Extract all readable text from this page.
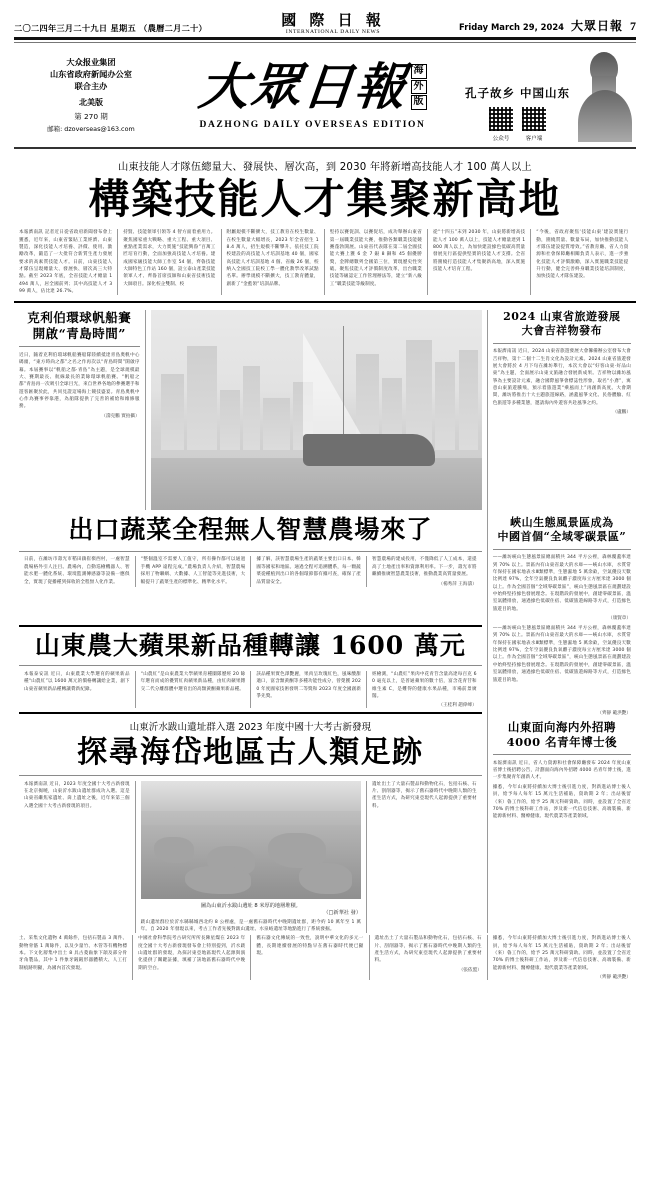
二〇二四年三月二十九日 星期五 （農曆二月二十）	國 際 日 報
INTERNATIONAL DAILY NEWS
Friday March 29, 2024 大眾日報 7
大众报业集团
山东省政府新闻办公室
联合主办
北美版
第 270 期
邮箱: dzoverseas@163.com
大眾日報 海
外
版
DAZHONG DAILY OVERSEAS EDITION
孔子故乡 中国山东
公众号	客户端
山東技能人才隊伍總量大、發展快、層次高，到 2030 年將新增高技能人才 100 萬人以上
構築技能人才集聚新高地
本報濟南訊 記者近日從省政府新聞發布會上獲悉，近年來，山東省緊貼工業經濟、山東製造，深化技能人才培養、評價、使用、激勵改革，鍛造了一大批符合新質生產力發展要求的高素質技能人才。日前，山東技能人才隊伍呈現總量大、發展快、層次高三大特點。截至 2023 年底，全省技能人才總量 1494 萬人，居全國前列；其中高技能人才 399 萬人，佔比達 26.7%。
持賢、技能領軍引領等 4 智方面着重用力。聚焦國家重大戰略、重大工程、重大項目、重點產業需求，大力實施“技能興魯”百萬工匠培育行動，全面加強高技能人才培養。建成國家級技能大師工作室 54 個，齊魯技能大師特色工作站 160 個，設立泰山產業技能領軍人才、齊魯首席技師和山東省技術技能大師項目。深化校企雙制、校
附屬規模不斷擴大，技工教育在校生數量、在校生數量大幅增長，2023 年全省招生 18.4 萬人，招生規模不斷攀升。依托技工院校建設的高技能人才培訓基地 40 個，國家高技能人才培訓基地 4 個、省級 26 個，校納入全國技工院校工學一體化教學改革試點名單。辦學規模不斷擴大，技工教育體量，創新了“金藍領”培訓品牌。
堅持以賽促訓、以賽促培，成功舉辦山東省第一屆職業技能大賽，推動各類職業技能競賽蓬勃開展。山東省代表隊在第二屆全國技能大賽上獲 6 金 7 銀 8 銅和 45 個優勝獎，金牌總數列全國第三位，實現歷史性突破。聚焦技能人才評價制度改革，出台職業技能等級認定工作管理辦法等，建立“新八級工”職業技能等級制度。
從“十四五”末到 2030 年，山東將新增高技能人才 100 萬人以上，技能人才總量達到 1800 萬人以上，為加快建設綠色低碳高質量發展先行區提供堅實的技能人才支撐。全省將圍繞打造技能人才集聚新高地，深入實施技能人才培育工程。
“今後，省政府聚焦‘技能山東’建設實施行動，圍繞質量、數量布局，加快推動技能人才隊伍建設提質增效。”省教育廳、省人力資源和社會保障廳相關負責人表示，進一步強化技能人才評價激勵，深入實施職業技能提升行動，健全完善終身職業技能培訓制度，加快技能人才隊伍建設。
克利伯環球帆船賽
開啟“青島時間”
近日，隨着克利伯環球帆船賽船隊陸續抵達青島奧帆中心碼頭，“東方時尚之都”之名之作再次以“青島時間”開啟序幕。本屆賽事以“帆船之都·青島”為主題，是全球規模最大、賽期最長、航線最長的業餘環球帆船賽。“帆船之都”青島再一次吸引全球目光，來自世界各地的參賽選手和遊客匯聚於此，共同見證這場海上競技盛宴。青島奧帆中心作為賽事停靠港，為船隊提供了完善的補給和維修服務。
（濤克鵬 實拍攝）
2024 山東省旅遊發展
大會吉祥物發布
本報濟南訊 近日，2024 山東省旅遊發展大會籌備辦公室發布大會吉祥物，第十二個十二生肖文化為設計元素。2024 山東省旅遊發展大會將於 4 月下旬在濰坊舉行，本次大會以“好客山東·好品山東”為主題，全面展示山東文旅融合發展新成果。吉祥物以濰坊風箏為主要設計元素，融合國際風箏會標誌性形象，取名“小鳶”，寓意山東旅遊騰飛，預示着旅遊業“乘風而上”再創新高度。大會期間，濰坊將推出十大主題旅遊線路，涵蓋風箏文化、民俗體驗、紅色旅遊等多種業態，邀請海內外遊客共赴風箏之約。
（盧鵬）
出口蔬菜全程無人智慧農場來了
日前，在濰坊市壽光市稻田鎮崔嶺西村，一處智慧農場格外引人注目。農場內，自動巡檢機器人、智能水肥一體化系統、環境監測傳感器等設備一應俱全，實現了從播種到採收的全程無人化作業。
“整個溫室不需要人工值守，所有操作都可以通過手機 APP 遠程完成。”農場負責人介紹，智慧農場採用了物聯網、大數據、人工智能等先進技術，大幅提升了蔬菜生產的標準化、精準化水平。
據了解，該智慧農場生產的蔬菜主要出口日本、韓國等國家和地區。通過全程可追溯體系，每一顆蔬菜從種植到出口的各個環節都有據可查，確保了產品質量安全。
智慧農場的建成投用，不僅降低了人工成本，還提高了土地產出率和資源利用率。下一步，壽光市將繼續推廣智慧農業技術，推動農業高質量發展。
（楊秀萍 王海濤）
峽山生態風景區成為
中國首個“全域零碳景區”
——濰坊峽山生態風景區總面積共 344 平方公裡，森林覆蓋率達到 70% 以上。景區內有山東省最大的水庫——峽山水庫，水質常年保持在國家地表水Ⅲ類標準，生態濕地 5 萬余畝，空氣優良天數比例達 97%，全年空氣優良負氧離子濃度每立方厘米達 3000 個以上。作為全國首個“全域零碳景區”，峽山生態風景區在規劃建設中始終堅持綠色發展理念。在現階段的發展中，創建零碳景區，溫室氣體排放，通過綠色低碳住宿、低碳旅遊線路等方式，打造綠色旅遊目的地。
（康賢章）
山東農大蘋果新品種轉讓 1600 萬元
本報泰安訊 近日，山東農業大學選育的蘋果新品種“山農紅”以 1600 萬元的價格轉讓給企業，創下山東省蘋果新品種轉讓費新紀錄。
“山農紅”是山東農業大學蘋果育種團隊歷經 20 餘年選育而成的優質紅肉蘋果新品種，由紅肉蘋果雜交二代分離群體中選育出的高類黃酮蘋果新品種。
該品種果實色澤艷麗，果肉呈玫瑰紅色，風味酸甜適口，富含類黃酮等多種功能性成分，曾榮獲 2020 年度國家技術發明二等獎和 2023 年度全國創新爭先獎。
經檢測，“山農紅”果肉中花青苷含量高達每百克 60 毫克以上，是普通蘋果的數十倍，富含花青苷和維生素 C，是難得的健康水果品種，市場前景廣闊。
（王桂利 趙偉峰）
——濰坊峽山生態風景區總面積共 344 平方公裡，森林覆蓋率達到 70% 以上。景區內有山東省最大的水庫——峽山水庫，水質常年保持在國家地表水Ⅲ類標準，生態濕地 5 萬余畝，空氣優良天數比例達 97%，全年空氣優良負氧離子濃度每立方厘米達 3000 個以上。作為全國首個“全域零碳景區”，峽山生態風景區在規劃建設中始終堅持綠色發展理念。在現階段的發展中，創建零碳景區，溫室氣體排放，通過綠色低碳住宿、低碳旅遊線路等方式，打造綠色旅遊目的地。
山東沂水跋山遺址群入選 2023 年度中國十大考古新發現
探尋海岱地區古人類足跡
本報濟南訊 近日，2023 年度全國十大考古新發現在北京揭曉，山東沂水跋山遺址群成功入選。這是山東省繼焦家遺址、崗上遺址之後，近年來第三個入選全國十大考古新發現的項目。
圖為山東沂水跋山遺址 8 米厚的地層堆積。
（□新華社 發）
跋山遺址群位於沂水縣縣城西北約 8 公裡處，是一處舊石器時代中晚期遺址群，距今約 10 萬年至 1 萬年。自 2020 年發現以來，考古工作者先後對跋山遺址、水泉峪遺址等地點進行了系統發掘。
遺址出土了大量石製品和動物化石，包括石核、石片、刮削器等，揭示了舊石器時代中晚期人類的生產生活方式，為研究東亞現代人起源提供了重要材料。
（齊靜 範洪艷）
山東面向海内外招聘
4000 名青年博士後
本報濟南訊 近日，省人力資源和社會保障廳發布 2024 年度山東省博士後招聘公告，計劃面向海內外招聘 4000 名青年博士後，進一步集聚青年創新人才。
據悉，今年山東將持續加大博士後引進力度，對新進站博士後人員，給予每人每年 15 萬元生活補貼，資助期 2 年；出站後留（來）魯工作的，給予 25 萬元科研資助。同時，並設置了全省近 70% 的博士後科研工作站，涉及新一代信息技術、高端裝備、新能源新材料、醫療健康、現代農業等產業領域。
土、采集文化遺物 4 萬餘件，包括石製品 3 萬件、動物骨骼 1 萬餘件，以及少量竹、木管等有機物標本。下文化層集中出土 8 具古菱齒象下頜及部分骨牙角製品，其中 1 件象牙鏟鏟形器體積大、人工打制痕跡明顯，為國內首次發現。
中國社會科學院考古研究所所長陳星燦在 2023 年度全國十大考古新發現發布會上特別提到，沂水跋山遺址群的發現，為探討東亞地區現代人起源與演化提供了關鍵証據，填補了該地區舊石器時代中晚期的空白。
舊石器文化傳統的一致性，說明中華文化的多元一體，長期連續發展的特點早在舊石器時代便已顯現。
遺址出土了大量石製品和動物化石，包括石核、石片、刮削器等，揭示了舊石器時代中晚期人類的生產生活方式，為研究東亞現代人起源提供了重要材料。
（張依盟）
據悉，今年山東將持續加大博士後引進力度，對新進站博士後人員，給予每人每年 15 萬元生活補貼，資助期 2 年；出站後留（來）魯工作的，給予 25 萬元科研資助。同時，並設置了全省近 70% 的博士後科研工作站，涉及新一代信息技術、高端裝備、新能源新材料、醫療健康、現代農業等產業領域。
（齊靜 範洪艷）
